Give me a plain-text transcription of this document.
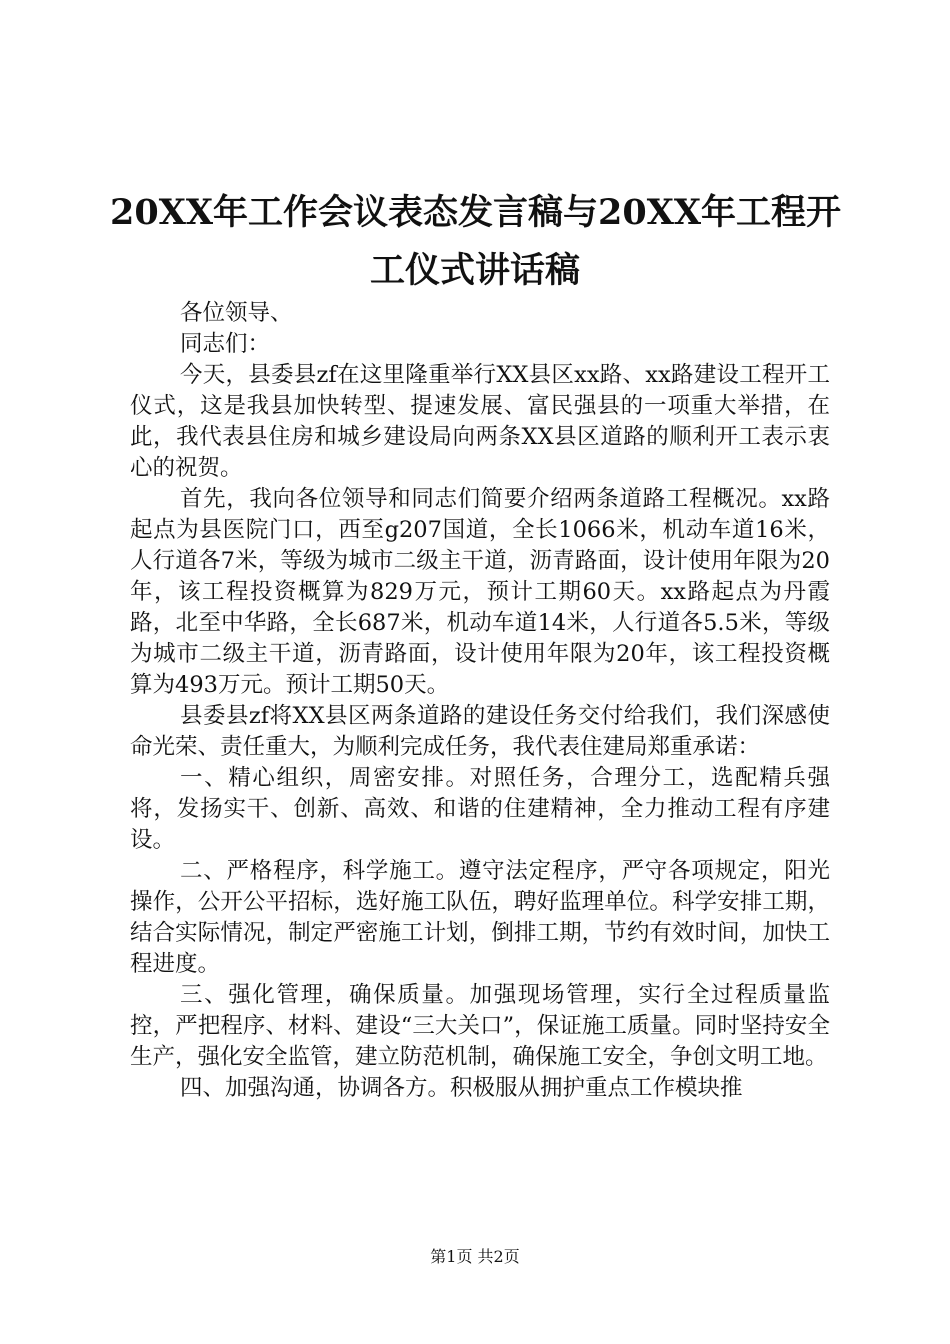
20XX年工作会议表态发言稿与20XX年工程开
工仪式讲话稿

各位领导、

同志们：

今天，县委县zf在这里隆重举行XX县区xx路、xx路建设工程开工仪式，这是我县加快转型、提速发展、富民强县的一项重大举措，在此，我代表县住房和城乡建设局向两条XX县区道路的顺利开工表示衷心的祝贺。

首先，我向各位领导和同志们简要介绍两条道路工程概况。xx路起点为县医院门口，西至g207国道，全长1066米，机动车道16米，人行道各7米，等级为城市二级主干道，沥青路面，设计使用年限为20年，该工程投资概算为829万元，预计工期60天。xx路起点为丹霞路，北至中华路，全长687米，机动车道14米，人行道各5.5米，等级为城市二级主干道，沥青路面，设计使用年限为20年，该工程投资概算为493万元。预计工期50天。

县委县zf将XX县区两条道路的建设任务交付给我们，我们深感使命光荣、责任重大，为顺利完成任务，我代表住建局郑重承诺：

一、精心组织，周密安排。对照任务，合理分工，选配精兵强将，发扬实干、创新、高效、和谐的住建精神，全力推动工程有序建设。

二、严格程序，科学施工。遵守法定程序，严守各项规定，阳光操作，公开公平招标，选好施工队伍，聘好监理单位。科学安排工期，结合实际情况，制定严密施工计划，倒排工期，节约有效时间，加快工程进度。

三、强化管理，确保质量。加强现场管理，实行全过程质量监控，严把程序、材料、建设“三大关口”，保证施工质量。同时坚持安全生产，强化安全监管，建立防范机制，确保施工安全，争创文明工地。

四、加强沟通，协调各方。积极服从拥护重点工作模块推

第1页 共2页
